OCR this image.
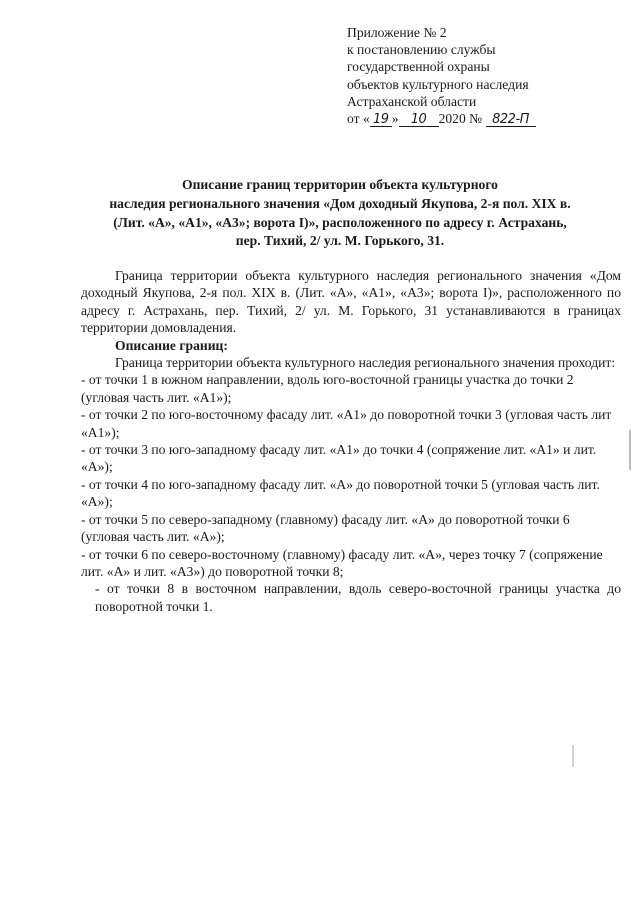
Приложение № 2
к постановлению службы
государственной охраны
объектов культурного наследия
Астраханской области
от « 19 » 10 2020 № 822-П
Описание границ территории объекта культурного
наследия регионального значения «Дом доходный Якупова, 2-я пол. XIX в.
(Лит. «А», «А1», «А3»; ворота I)», расположенного по адресу г. Астрахань,
пер. Тихий, 2/ ул. М. Горького, 31.

Граница территории объекта культурного наследия регионального значения «Дом доходный Якупова, 2-я пол. XIX в. (Лит. «А», «А1», «А3»; ворота I)», расположенного по адресу г. Астрахань, пер. Тихий, 2/ ул. М. Горького, 31 устанавливаются в границах территории домовладения.

Описание границ:

Граница территории объекта культурного наследия регионального значения проходит:

- от точки 1 в южном направлении, вдоль юго-восточной границы участка до точки 2 (угловая часть лит. «А1»);
- от точки 2 по юго-восточному фасаду лит. «А1» до поворотной точки 3 (угловая часть лит «А1»);
- от точки 3 по юго-западному фасаду лит. «А1» до точки 4 (сопряжение лит. «А1» и лит. «А»);
- от точки 4 по юго-западному фасаду лит. «А» до поворотной точки 5 (угловая часть лит. «А»);
- от точки 5 по северо-западному (главному) фасаду лит. «А» до поворотной точки 6 (угловая часть лит. «А»);
- от точки 6 по северо-восточному (главному) фасаду лит. «А», через точку 7 (сопряжение лит. «А» и лит. «А3») до поворотной точки 8;
- от точки 8 в восточном направлении, вдоль северо-восточной границы участка до поворотной точки 1.
